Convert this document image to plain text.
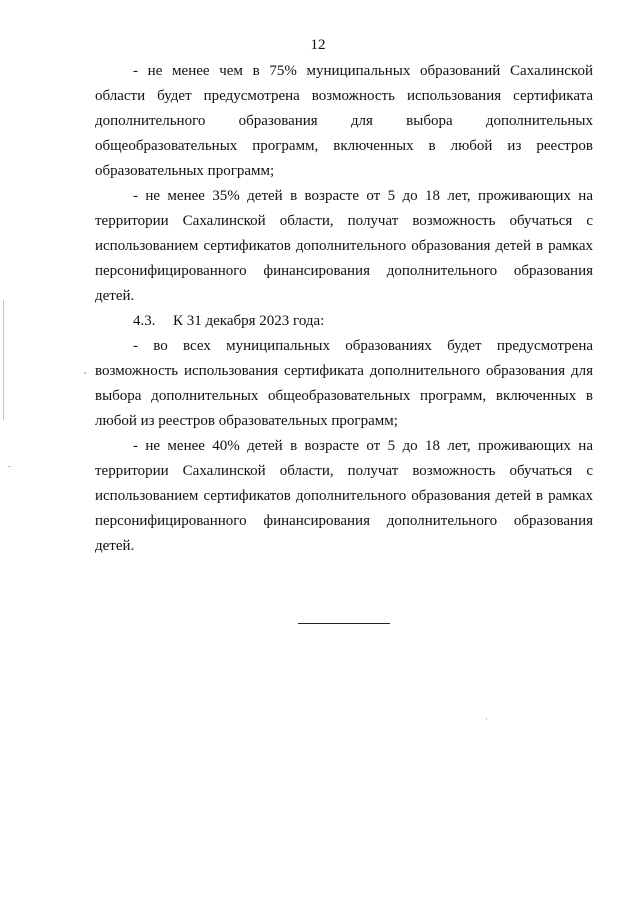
12

- не менее чем в 75% муниципальных образований Сахалинской области будет предусмотрена возможность использования сертификата дополнительного образования для выбора дополнительных общеобразовательных программ, включенных в любой из реестров образовательных программ;

- не менее 35% детей в возрасте от 5 до 18 лет, проживающих на территории Сахалинской области, получат возможность обучаться с использованием сертификатов дополнительного образования детей в рамках персонифицированного финансирования дополнительного образования детей.

4.3. К 31 декабря 2023 года:

- во всех муниципальных образованиях будет предусмотрена возможность использования сертификата дополнительного образования для выбора дополнительных общеобразовательных программ, включенных в любой из реестров образовательных программ;

- не менее 40% детей в возрасте от 5 до 18 лет, проживающих на территории Сахалинской области, получат возможность обучаться с использованием сертификатов дополнительного образования детей в рамках персонифицированного финансирования дополнительного образования детей.
